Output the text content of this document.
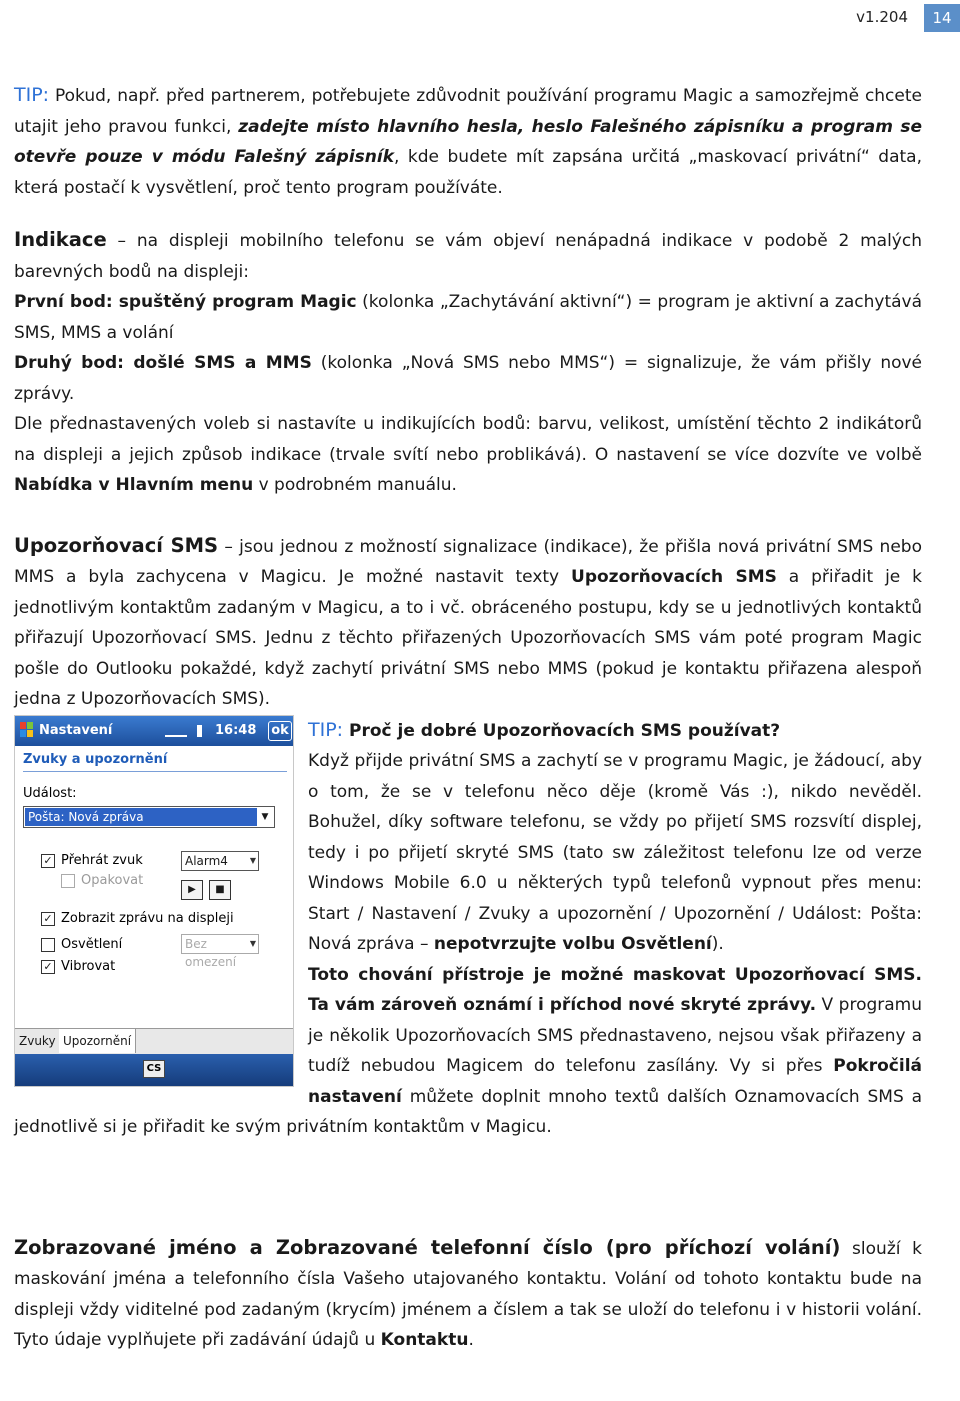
v1.204	14

TIP: Pokud, např. před partnerem, potřebujete zdůvodnit používání programu Magic a samozřejmě chcete utajit jeho pravou funkci, zadejte místo hlavního hesla, heslo Falešného zápisníku a program se otevře pouze v módu Falešný zápisník, kde budete mít zapsána určitá „maskovací privátní“ data, která postačí k vysvětlení, proč tento program používáte.

Indikace – na displeji mobilního telefonu se vám objeví nenápadná indikace v podobě 2 malých barevných bodů na displeji:

První bod: spuštěný program Magic (kolonka „Zachytávání aktivní“) = program je aktivní a zachytává SMS, MMS a volání

Druhý bod: došlé SMS a MMS (kolonka „Nová SMS nebo MMS“) = signalizuje, že vám přišly nové zprávy.

Dle přednastavených voleb si nastavíte u indikujících bodů: barvu, velikost, umístění těchto 2 indikátorů na displeji a jejich způsob indikace (trvale svítí nebo problikává). O nastavení se více dozvíte ve volbě Nabídka v Hlavním menu v podrobném manuálu.

Upozorňovací SMS – jsou jednou z možností signalizace (indikace), že přišla nová privátní SMS nebo MMS a byla zachycena v Magicu. Je možné nastavit texty Upozorňovacích SMS a přiřadit je k jednotlivým kontaktům zadaným v Magicu, a to i vč. obráceného postupu, kdy se u jednotlivých kontaktů přiřazují Upozorňovací SMS. Jednu z těchto přiřazených Upozorňovacích SMS vám poté program Magic pošle do Outlooku pokaždé, když zachytí privátní SMS nebo MMS (pokud je kontaktu přiřazena alespoň jedna z Upozorňovacích SMS).

Nastavení	16:48 ok
Zvuky a upozornění
Událost:
Pošta: Nová zpráva	▼
✓ Přehrát zvuk	Alarm4	▼
Opakovat
▶	■
✓ Zobrazit zprávu na displeji
Osvětlení	Bez omezení
▼
✓ Vibrovat
Zvuky Upozornění
CS

TIP: Proč je dobré Upozorňovacích SMS používat?

Když přijde privátní SMS a zachytí se v programu Magic, je žádoucí, aby o tom, že se v telefonu něco děje (kromě Vás :), nikdo nevěděl. Bohužel, díky software telefonu, se vždy po přijetí SMS rozsvítí displej, tedy i po přijetí skryté SMS (tato sw záležitost telefonu lze od verze Windows Mobile 6.0 u některých typů telefonů vypnout přes menu: Start / Nastavení / Zvuky a upozornění / Upozornění / Událost: Pošta: Nová zpráva – nepotvrzujte volbu Osvětlení).

Toto chování přístroje je možné maskovat Upozorňovací SMS. Ta vám zároveň oznámí i příchod nové skryté zprávy. V programu je několik Upozorňovacích SMS přednastaveno, nejsou však přiřazeny a tudíž nebudou Magicem do telefonu zasílány. Vy si přes Pokročilá nastavení můžete doplnit mnoho textů dalších Oznamovacích SMS a jednotlivě si je přiřadit ke svým privátním kontaktům v Magicu.

Zobrazované jméno a Zobrazované telefonní číslo (pro příchozí volání) slouží k maskování jména a telefonního čísla Vašeho utajovaného kontaktu. Volání od tohoto kontaktu bude na displeji vždy viditelné pod zadaným (krycím) jménem a číslem a tak se uloží do telefonu i v historii volání. Tyto údaje vyplňujete při zadávání údajů u Kontaktu.
